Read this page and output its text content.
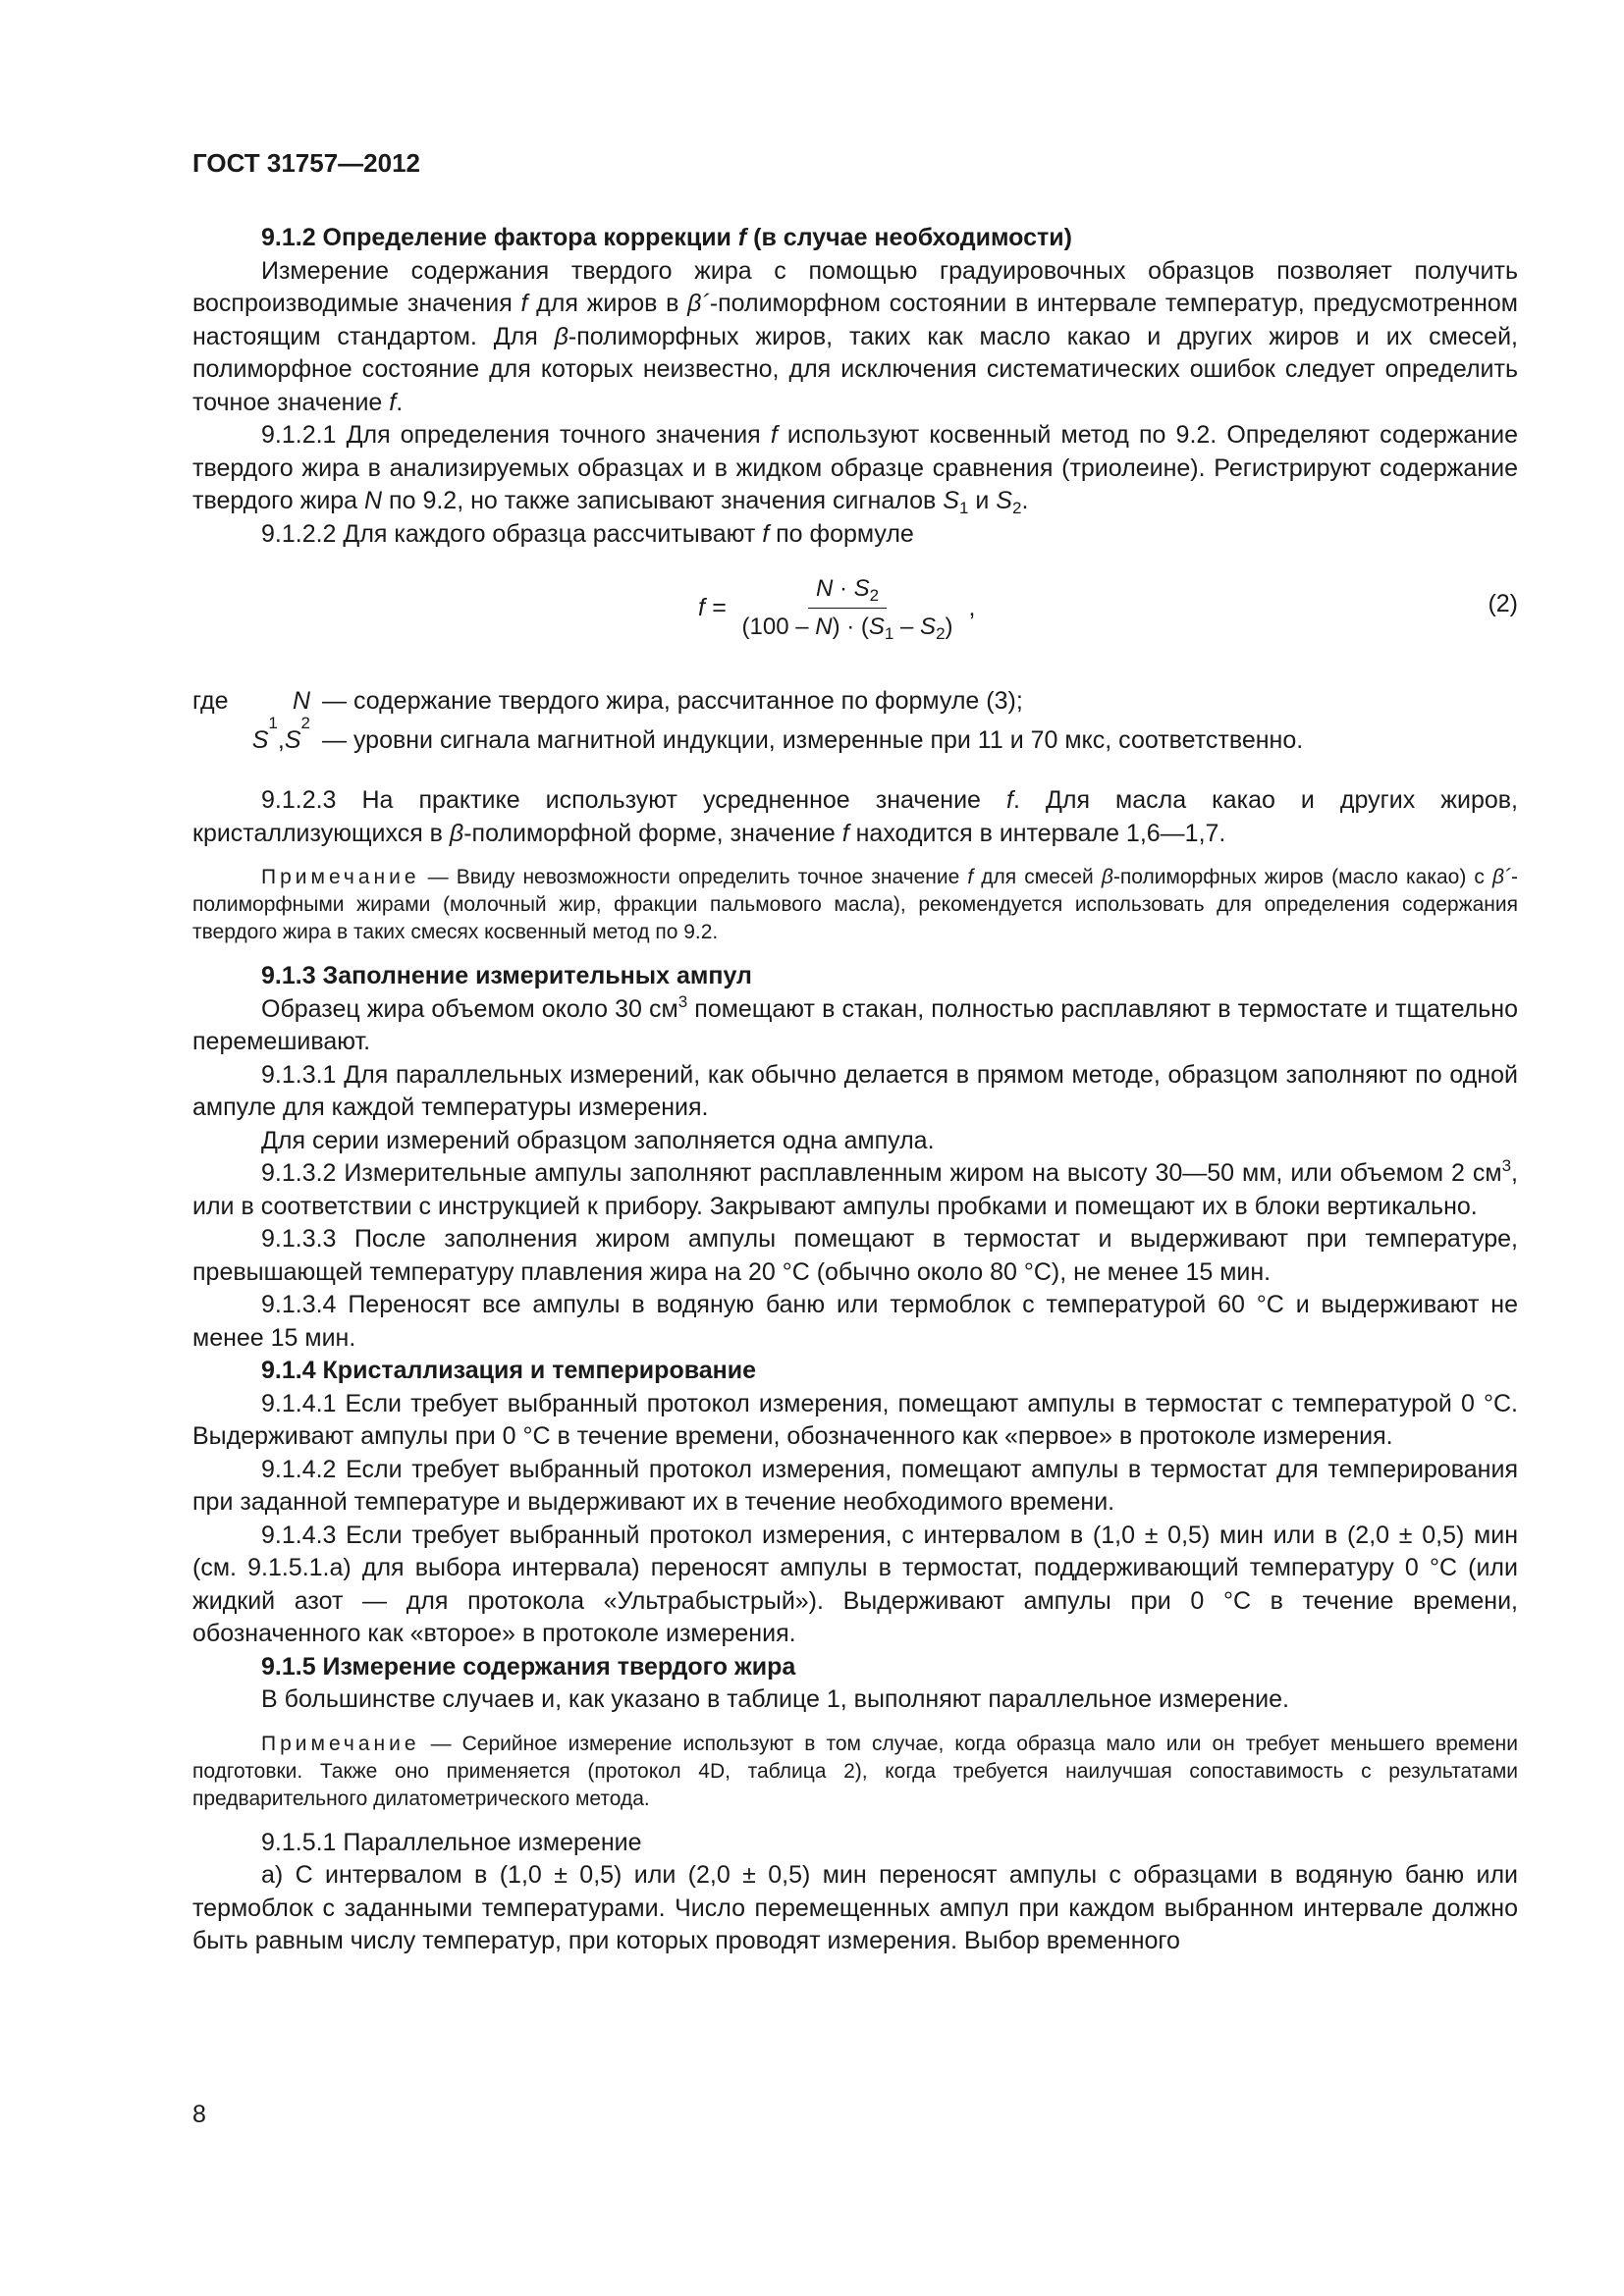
ГОСТ 31757—2012

9.1.2 Определение фактора коррекции f (в случае необходимости)

Измерение содержания твердого жира с помощью градуировочных образцов позволяет получить воспроизводимые значения f для жиров в β´-полиморфном состоянии в интервале температур, предусмотренном настоящим стандартом. Для β-полиморфных жиров, таких как масло какао и других жиров и их смесей, полиморфное состояние для которых неизвестно, для исключения систематических ошибок следует определить точное значение f.

9.1.2.1 Для определения точного значения f используют косвенный метод по 9.2. Определяют содержание твердого жира в анализируемых образцах и в жидком образце сравнения (триолеине). Регистрируют содержание твердого жира N по 9.2, но также записывают значения сигналов $S_1$ и $S_2$.

9.1.2.2 Для каждого образца рассчитывают f по формуле

$f = \frac{N \cdot S_2}{(100 - N) \cdot (S_1 - S_2)}$ ,	(2)
где	N — содержание твердого жира, рассчитанное по формуле (3);
S
1
, S
2
— уровни сигнала магнитной индукции, измеренные при 11 и 70 мкс, соответственно.

9.1.2.3 На практике используют усредненное значение f. Для масла какао и других жиров, кристаллизующихся в β-полиморфной форме, значение f находится в интервале 1,6—1,7.

Примечание — Ввиду невозможности определить точное значение f для смесей β-полиморфных жиров (масло какао) с β´-полиморфными жирами (молочный жир, фракции пальмового масла), рекомендуется использовать для определения содержания твердого жира в таких смесях косвенный метод по 9.2.

9.1.3 Заполнение измерительных ампул

Образец жира объемом около 30 $см^3$ помещают в стакан, полностью расплавляют в термостате и тщательно перемешивают.

9.1.3.1 Для параллельных измерений, как обычно делается в прямом методе, образцом заполняют по одной ампуле для каждой температуры измерения.

Для серии измерений образцом заполняется одна ампула.

9.1.3.2 Измерительные ампулы заполняют расплавленным жиром на высоту 30—50 мм, или объемом 2 $см^3$, или в соответствии с инструкцией к прибору. Закрывают ампулы пробками и помещают их в блоки вертикально.

9.1.3.3 После заполнения жиром ампулы помещают в термостат и выдерживают при температуре, превышающей температуру плавления жира на 20 °С (обычно около 80 °С), не менее 15 мин.

9.1.3.4 Переносят все ампулы в водяную баню или термоблок с температурой 60 °С и выдерживают не менее 15 мин.

9.1.4 Кристаллизация и темперирование

9.1.4.1 Если требует выбранный протокол измерения, помещают ампулы в термостат с температурой 0 °С. Выдерживают ампулы при 0 °С в течение времени, обозначенного как «первое» в протоколе измерения.

9.1.4.2 Если требует выбранный протокол измерения, помещают ампулы в термостат для темперирования при заданной температуре и выдерживают их в течение необходимого времени.

9.1.4.3 Если требует выбранный протокол измерения, с интервалом в (1,0 ± 0,5) мин или в (2,0 ± 0,5) мин (см. 9.1.5.1.а) для выбора интервала) переносят ампулы в термостат, поддерживающий температуру 0 °С (или жидкий азот — для протокола «Ультрабыстрый»). Выдерживают ампулы при 0 °С в течение времени, обозначенного как «второе» в протоколе измерения.

9.1.5 Измерение содержания твердого жира

В большинстве случаев и, как указано в таблице 1, выполняют параллельное измерение.

Примечание — Серийное измерение используют в том случае, когда образца мало или он требует меньшего времени подготовки. Также оно применяется (протокол 4D, таблица 2), когда требуется наилучшая сопоставимость с результатами предварительного дилатометрического метода.

9.1.5.1 Параллельное измерение

а) С интервалом в (1,0 ± 0,5) или (2,0 ± 0,5) мин переносят ампулы с образцами в водяную баню или термоблок с заданными температурами. Число перемещенных ампул при каждом выбранном интервале должно быть равным числу температур, при которых проводят измерения. Выбор временного

8
